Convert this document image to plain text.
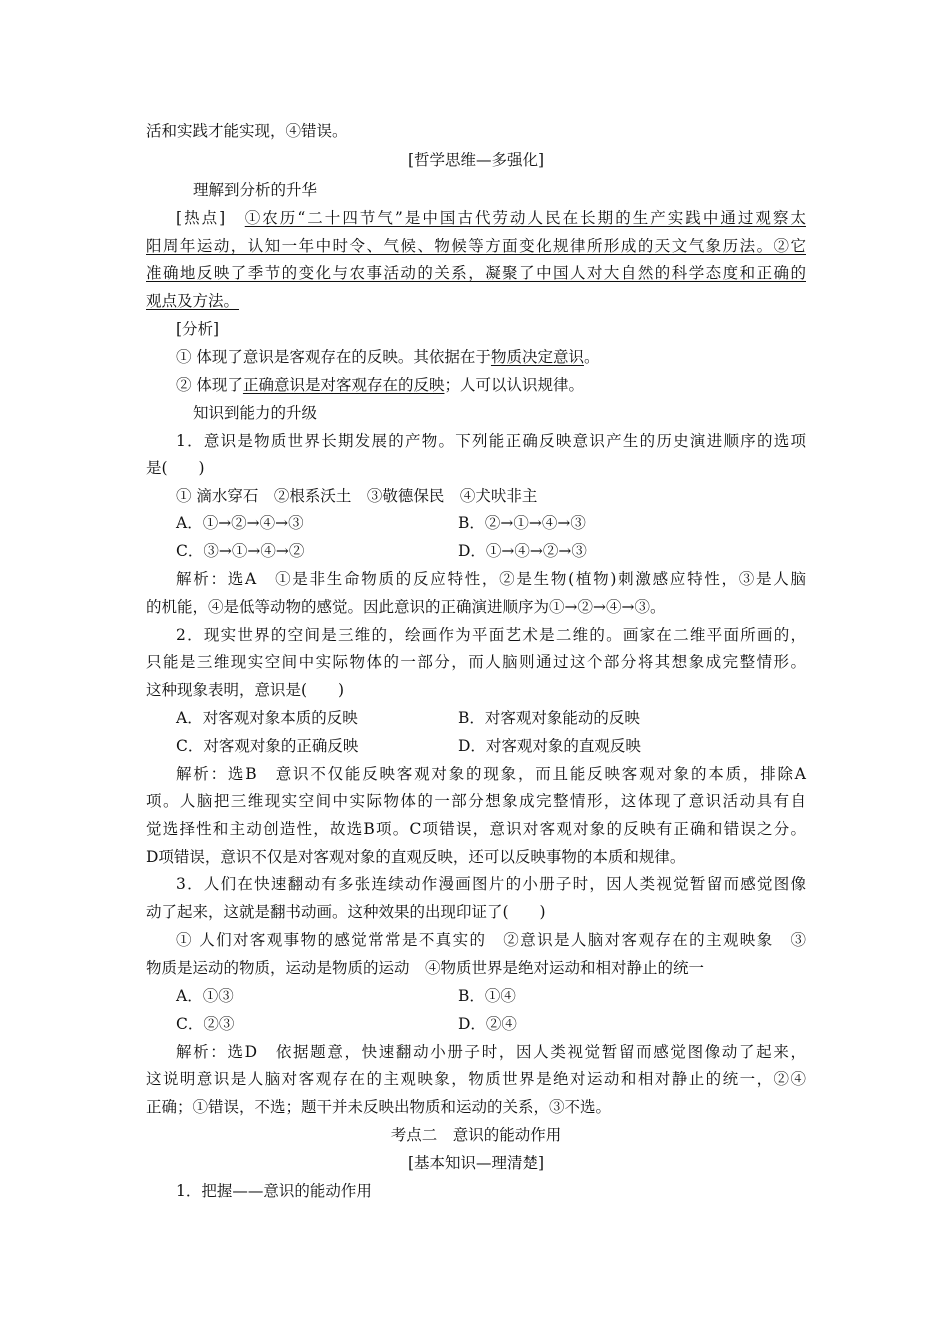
活和实践才能实现，④错误。
[哲学思维—多强化]
理解到分析的升华
[热点]　①农历“二十四节气”是中国古代劳动人民在长期的生产实践中通过观察太
阳周年运动，认知一年中时令、气候、物候等方面变化规律所形成的天文气象历法。②它
准确地反映了季节的变化与农事活动的关系，凝聚了中国人对大自然的科学态度和正确的
观点及方法。
[分析]
① 体现了意识是客观存在的反映。其依据在于物质决定意识。
② 体现了正确意识是对客观存在的反映；人可以认识规律。
知识到能力的升级
1．意识是物质世界长期发展的产物。下列能正确反映意识产生的历史演进顺序的选项
是(　　)
① 滴水穿石　②根系沃土　③敬德保民　④犬吠非主
A．①→②→④→③	B．②→①→④→③
C．③→①→④→②	D．①→④→②→③
解析：选A　①是非生命物质的反应特性，②是生物(植物)刺激感应特性，③是人脑
的机能，④是低等动物的感觉。因此意识的正确演进顺序为①→②→④→③。
2．现实世界的空间是三维的，绘画作为平面艺术是二维的。画家在二维平面所画的，
只能是三维现实空间中实际物体的一部分，而人脑则通过这个部分将其想象成完整情形。
这种现象表明，意识是(　　)
A．对客观对象本质的反映	B．对客观对象能动的反映
C．对客观对象的正确反映	D．对客观对象的直观反映
解析：选B　意识不仅能反映客观对象的现象，而且能反映客观对象的本质，排除A
项。人脑把三维现实空间中实际物体的一部分想象成完整情形，这体现了意识活动具有自
觉选择性和主动创造性，故选B项。C项错误，意识对客观对象的反映有正确和错误之分。
D项错误，意识不仅是对客观对象的直观反映，还可以反映事物的本质和规律。
3．人们在快速翻动有多张连续动作漫画图片的小册子时，因人类视觉暂留而感觉图像
动了起来，这就是翻书动画。这种效果的出现印证了(　　)
① 人们对客观事物的感觉常常是不真实的　②意识是人脑对客观存在的主观映象　③
物质是运动的物质，运动是物质的运动　④物质世界是绝对运动和相对静止的统一
A．①③	B．①④
C．②③	D．②④
解析：选D　依据题意，快速翻动小册子时，因人类视觉暂留而感觉图像动了起来，
这说明意识是人脑对客观存在的主观映象，物质世界是绝对运动和相对静止的统一，②④
正确；①错误，不选；题干并未反映出物质和运动的关系，③不选。
考点二　意识的能动作用
[基本知识—理清楚]
1．把握——意识的能动作用
